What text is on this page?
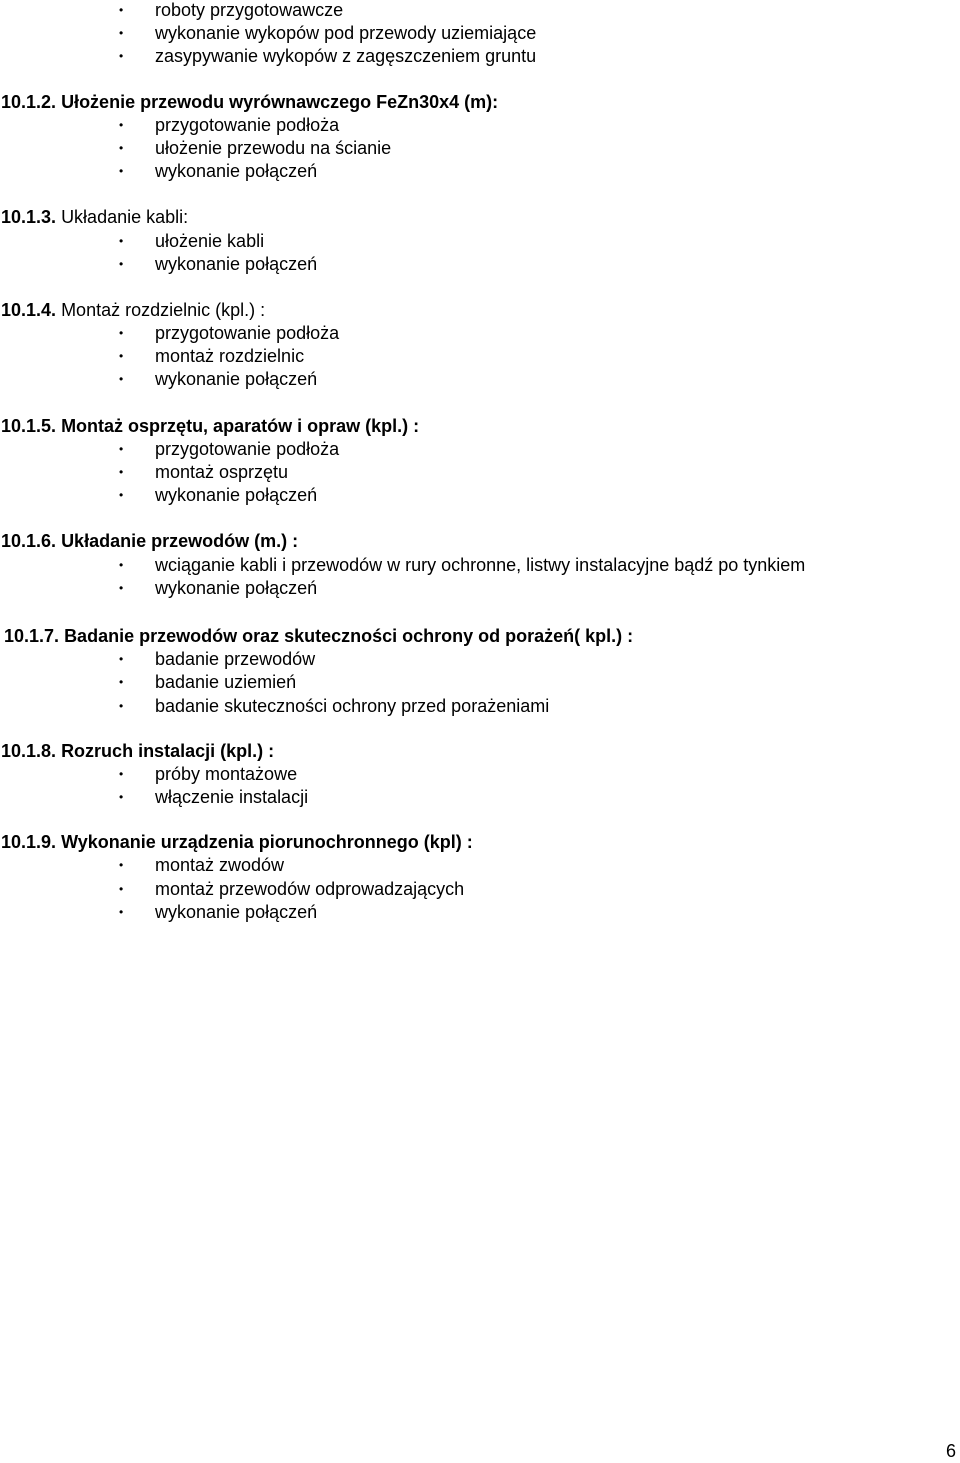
• roboty przygotowawcze
• wykonanie wykopów pod przewody uziemiające
• zasypywanie wykopów z zagęszczeniem gruntu
10.1.2. Ułożenie przewodu wyrównawczego FeZn30x4 (m):
• przygotowanie podłoża
• ułożenie przewodu na ścianie
• wykonanie połączeń
10.1.3. Układanie kabli:
• ułożenie kabli
• wykonanie połączeń
10.1.4. Montaż rozdzielnic (kpl.) :
• przygotowanie podłoża
• montaż rozdzielnic
• wykonanie połączeń
10.1.5. Montaż osprzętu, aparatów i opraw (kpl.) :
• przygotowanie podłoża
• montaż osprzętu
• wykonanie połączeń
10.1.6. Układanie przewodów (m.) :
• wciąganie kabli i przewodów w rury ochronne, listwy instalacyjne bądź po tynkiem
• wykonanie połączeń
10.1.7. Badanie przewodów oraz skuteczności ochrony od porażeń( kpl.) :
• badanie przewodów
• badanie uziemień
• badanie skuteczności ochrony przed porażeniami
10.1.8. Rozruch instalacji (kpl.) :
• próby montażowe
• włączenie instalacji
10.1.9. Wykonanie urządzenia piorunochronnego (kpl) :
• montaż zwodów
• montaż przewodów odprowadzających
• wykonanie połączeń
6
